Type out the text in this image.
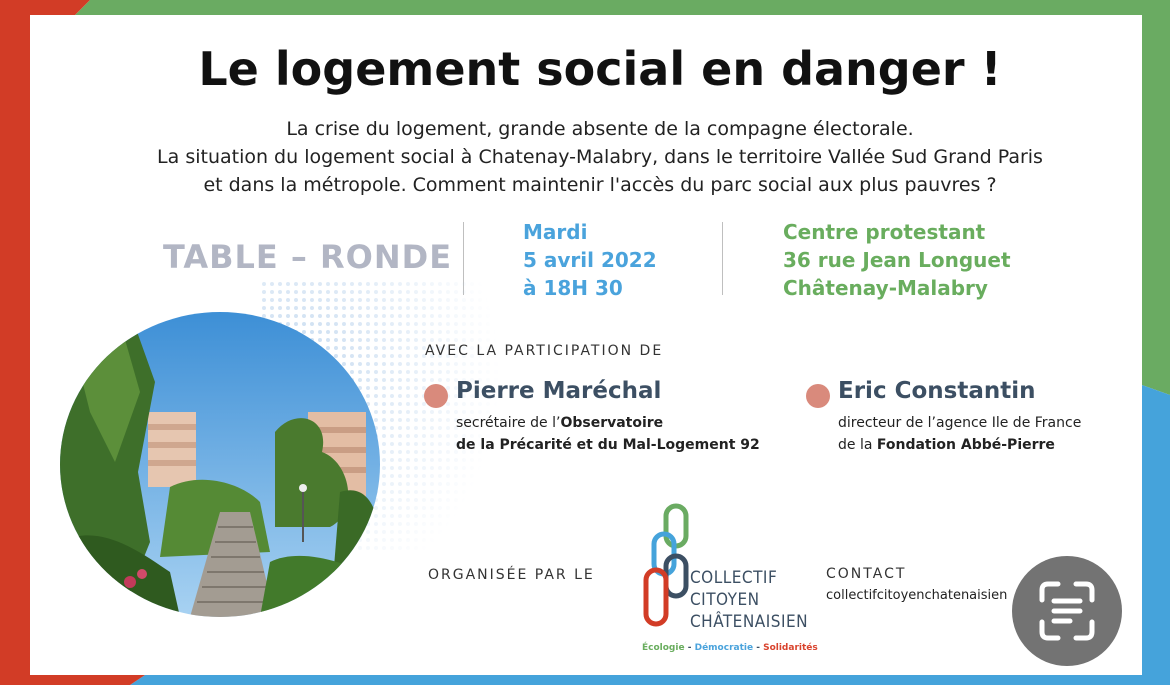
Le logement social en danger !
La crise du logement, grande absente de la compagne électorale.
La situation du logement social à Chatenay-Malabry, dans le territoire Vallée Sud Grand Paris
et dans la métropole. Comment maintenir l'accès du parc social aux plus pauvres ?
TABLE – RONDE
Mardi
5 avril 2022
à 18H 30
Centre protestant
36 rue Jean Longuet
Châtenay-Malabry
AVEC LA PARTICIPATION DE
Pierre Maréchal
secrétaire de l’Observatoire
de la Précarité et du Mal-Logement 92
Eric Constantin
directeur de l’agence Ile de France
de la Fondation Abbé-Pierre
ORGANISÉE PAR LE	COLLECTIF
CITOYEN
CHÂTENAISIEN
Écologie - Démocratie - Solidarités
CONTACT
collectifcitoyenchatenaisien
